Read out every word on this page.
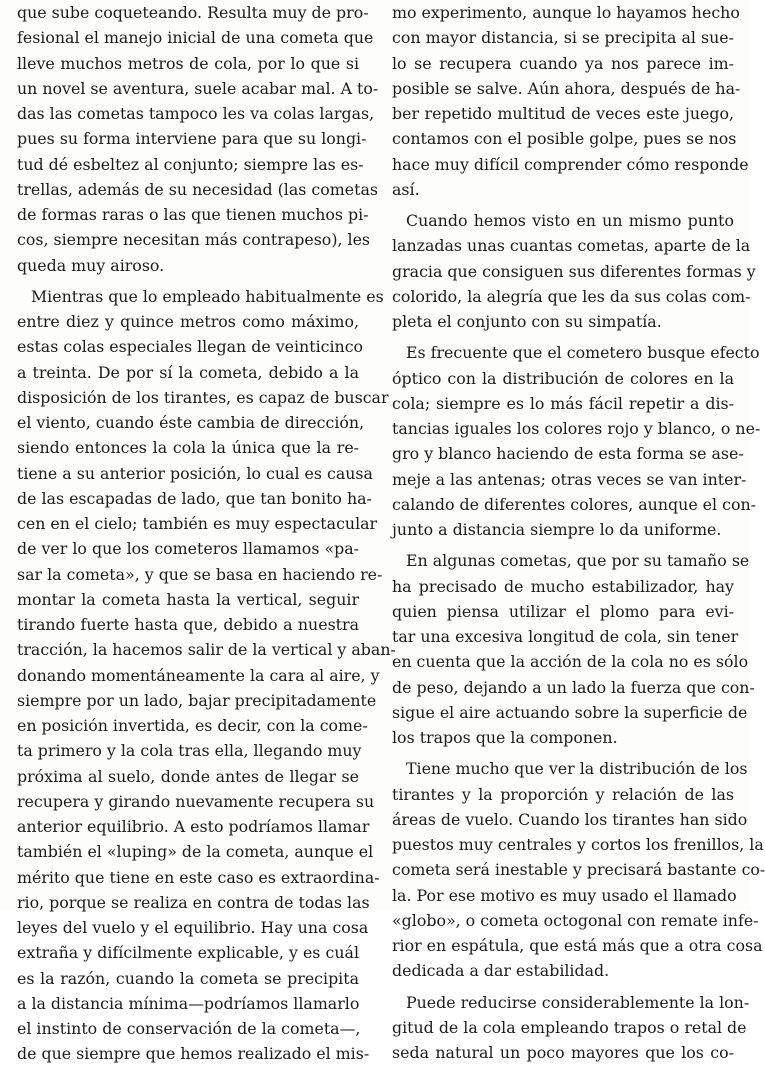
que sube coqueteando. Resulta muy de pro-
fesional el manejo inicial de una cometa que
lleve muchos metros de cola, por lo que si
un novel se aventura, suele acabar mal. A to-
das las cometas tampoco les va colas largas,
pues su forma interviene para que su longi-
tud dé esbeltez al conjunto; siempre las es-
trellas, además de su necesidad (las cometas
de formas raras o las que tienen muchos pi-
cos, siempre necesitan más contrapeso), les
queda muy airoso.
Mientras que lo empleado habitualmente es
entre diez y quince metros como máximo,
estas colas especiales llegan de veinticinco
a treinta. De por sí la cometa, debido a la
disposición de los tirantes, es capaz de buscar
el viento, cuando éste cambia de dirección,
siendo entonces la cola la única que la re-
tiene a su anterior posición, lo cual es causa
de las escapadas de lado, que tan bonito ha-
cen en el cielo; también es muy espectacular
de ver lo que los cometeros llamamos «pa-
sar la cometa», y que se basa en haciendo re-
montar la cometa hasta la vertical, seguir
tirando fuerte hasta que, debido a nuestra
tracción, la hacemos salir de la vertical y aban-
donando momentáneamente la cara al aire, y
siempre por un lado, bajar precipitadamente
en posición invertida, es decir, con la come-
ta primero y la cola tras ella, llegando muy
próxima al suelo, donde antes de llegar se
recupera y girando nuevamente recupera su
anterior equilibrio. A esto podríamos llamar
también el «luping» de la cometa, aunque el
mérito que tiene en este caso es extraordina-
rio, porque se realiza en contra de todas las
leyes del vuelo y el equilibrio. Hay una cosa
extraña y difícilmente explicable, y es cuál
es la razón, cuando la cometa se precipita
a la distancia mínima—podríamos llamarlo
el instinto de conservación de la cometa—,
de que siempre que hemos realizado el mis-
mo experimento, aunque lo hayamos hecho
con mayor distancia, si se precipita al sue-
lo se recupera cuando ya nos parece im-
posible se salve. Aún ahora, después de ha-
ber repetido multitud de veces este juego,
contamos con el posible golpe, pues se nos
hace muy difícil comprender cómo responde
así.
Cuando hemos visto en un mismo punto
lanzadas unas cuantas cometas, aparte de la
gracia que consiguen sus diferentes formas y
colorido, la alegría que les da sus colas com-
pleta el conjunto con su simpatía.
Es frecuente que el cometero busque efecto
óptico con la distribución de colores en la
cola; siempre es lo más fácil repetir a dis-
tancias iguales los colores rojo y blanco, o ne-
gro y blanco haciendo de esta forma se ase-
meje a las antenas; otras veces se van inter-
calando de diferentes colores, aunque el con-
junto a distancia siempre lo da uniforme.
En algunas cometas, que por su tamaño se
ha precisado de mucho estabilizador, hay
quien piensa utilizar el plomo para evi-
tar una excesiva longitud de cola, sin tener
en cuenta que la acción de la cola no es sólo
de peso, dejando a un lado la fuerza que con-
sigue el aire actuando sobre la superficie de
los trapos que la componen.
Tiene mucho que ver la distribución de los
tirantes y la proporción y relación de las
áreas de vuelo. Cuando los tirantes han sido
puestos muy centrales y cortos los frenillos, la
cometa será inestable y precisará bastante co-
la. Por ese motivo es muy usado el llamado
«globo», o cometa octogonal con remate infe-
rior en espátula, que está más que a otra cosa
dedicada a dar estabilidad.
Puede reducirse considerablemente la lon-
gitud de la cola empleando trapos o retal de
seda natural un poco mayores que los co-
